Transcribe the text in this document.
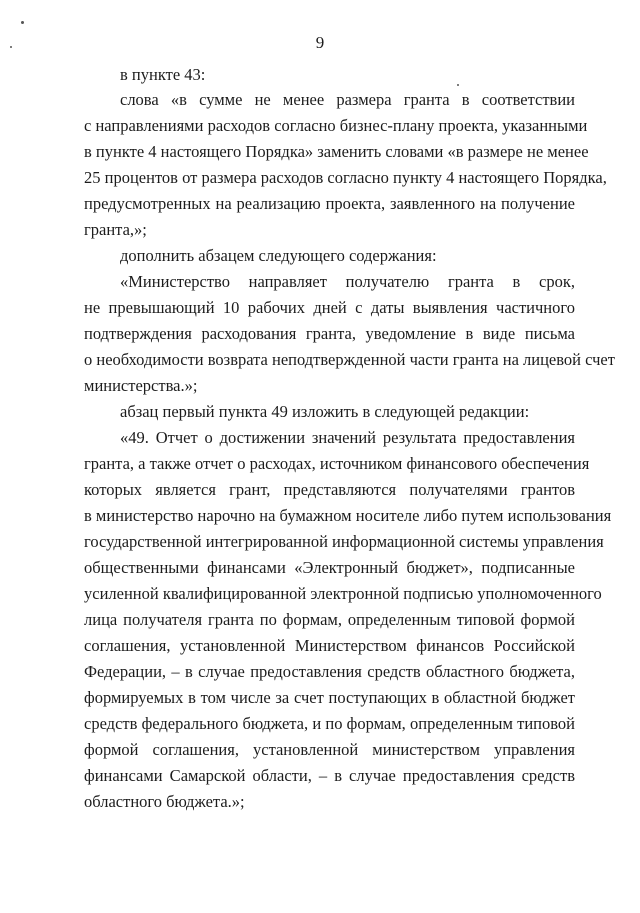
9
в пункте 43:
слова «в сумме не менее размера гранта в соответствии
с направлениями расходов согласно бизнес-плану проекта, указанными
в пункте 4 настоящего Порядка» заменить словами «в размере не менее
25 процентов от размера расходов согласно пункту 4 настоящего Порядка,
предусмотренных на реализацию проекта, заявленного на получение
гранта,»;
дополнить абзацем следующего содержания:
«Министерство направляет получателю гранта в срок,
не превышающий 10 рабочих дней с даты выявления частичного
подтверждения расходования гранта, уведомление в виде письма
о необходимости возврата неподтвержденной части гранта на лицевой счет
министерства.»;
абзац первый пункта 49 изложить в следующей редакции:
«49. Отчет о достижении значений результата предоставления
гранта, а также отчет о расходах, источником финансового обеспечения
которых является грант, представляются получателями грантов
в министерство нарочно на бумажном носителе либо путем использования
государственной интегрированной информационной системы управления
общественными финансами «Электронный бюджет», подписанные
усиленной квалифицированной электронной подписью уполномоченного
лица получателя гранта по формам, определенным типовой формой
соглашения, установленной Министерством финансов Российской
Федерации, – в случае предоставления средств областного бюджета,
формируемых в том числе за счет поступающих в областной бюджет
средств федерального бюджета, и по формам, определенным типовой
формой соглашения, установленной министерством управления
финансами Самарской области, – в случае предоставления средств
областного бюджета.»;
